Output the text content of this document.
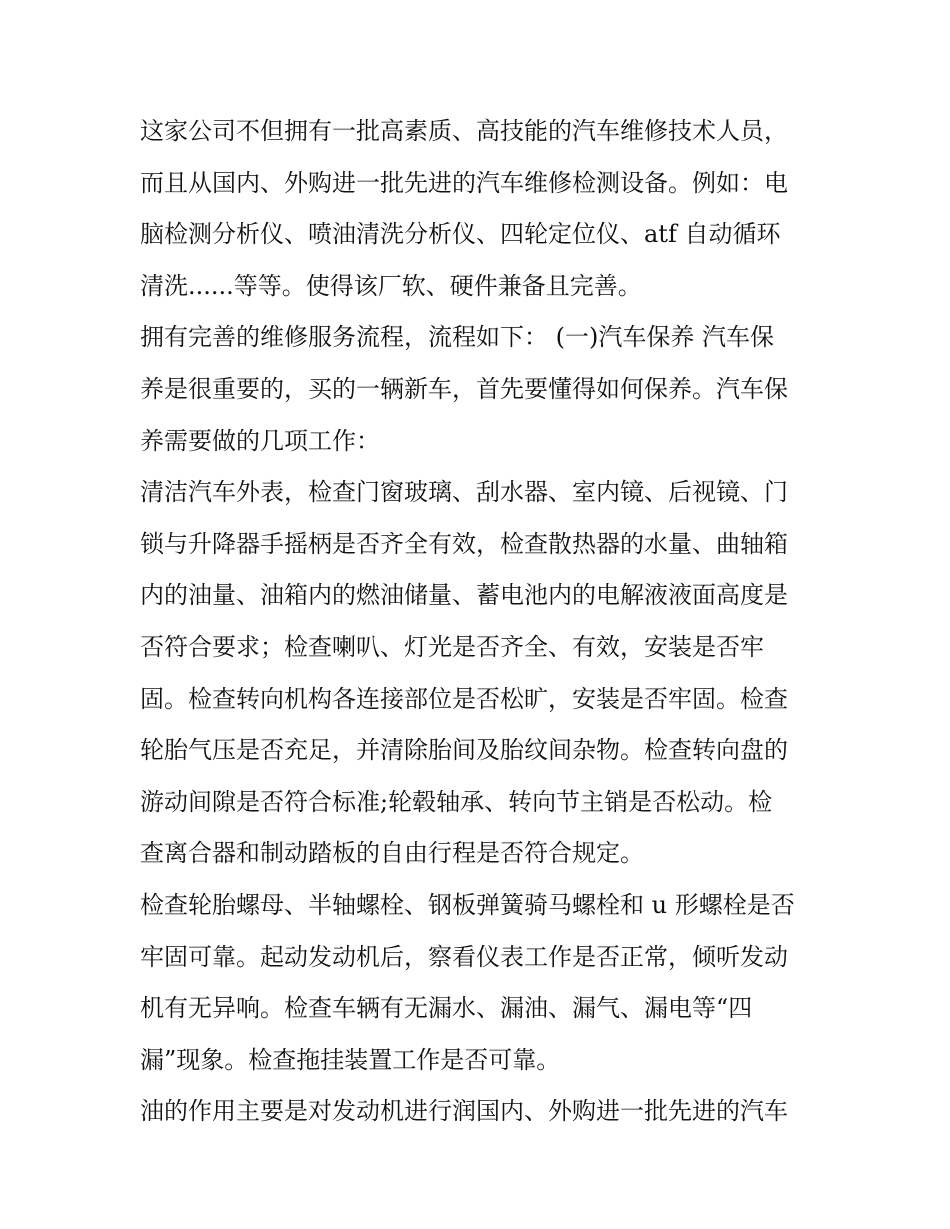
这家公司不但拥有一批高素质、高技能的汽车维修技术人员，
而且从国内、外购进一批先进的汽车维修检测设备。例如：电
脑检测分析仪、喷油清洗分析仪、四轮定位仪、atf 自动循环
清洗......等等。使得该厂软、硬件兼备且完善。
拥有完善的维修服务流程，流程如下： (一)汽车保养 汽车保
养是很重要的，买的一辆新车，首先要懂得如何保养。汽车保
养需要做的几项工作：
清洁汽车外表，检查门窗玻璃、刮水器、室内镜、后视镜、门
锁与升降器手摇柄是否齐全有效，检查散热器的水量、曲轴箱
内的油量、油箱内的燃油储量、蓄电池内的电解液液面高度是
否符合要求；检查喇叭、灯光是否齐全、有效，安装是否牢
固。检查转向机构各连接部位是否松旷，安装是否牢固。检查
轮胎气压是否充足，并清除胎间及胎纹间杂物。检查转向盘的
游动间隙是否符合标准;轮毂轴承、转向节主销是否松动。检
查离合器和制动踏板的自由行程是否符合规定。
检查轮胎螺母、半轴螺栓、钢板弹簧骑马螺栓和 u 形螺栓是否
牢固可靠。起动发动机后，察看仪表工作是否正常，倾听发动
机有无异响。检查车辆有无漏水、漏油、漏气、漏电等“四
漏”现象。检查拖挂装置工作是否可靠。
油的作用主要是对发动机进行润国内、外购进一批先进的汽车
